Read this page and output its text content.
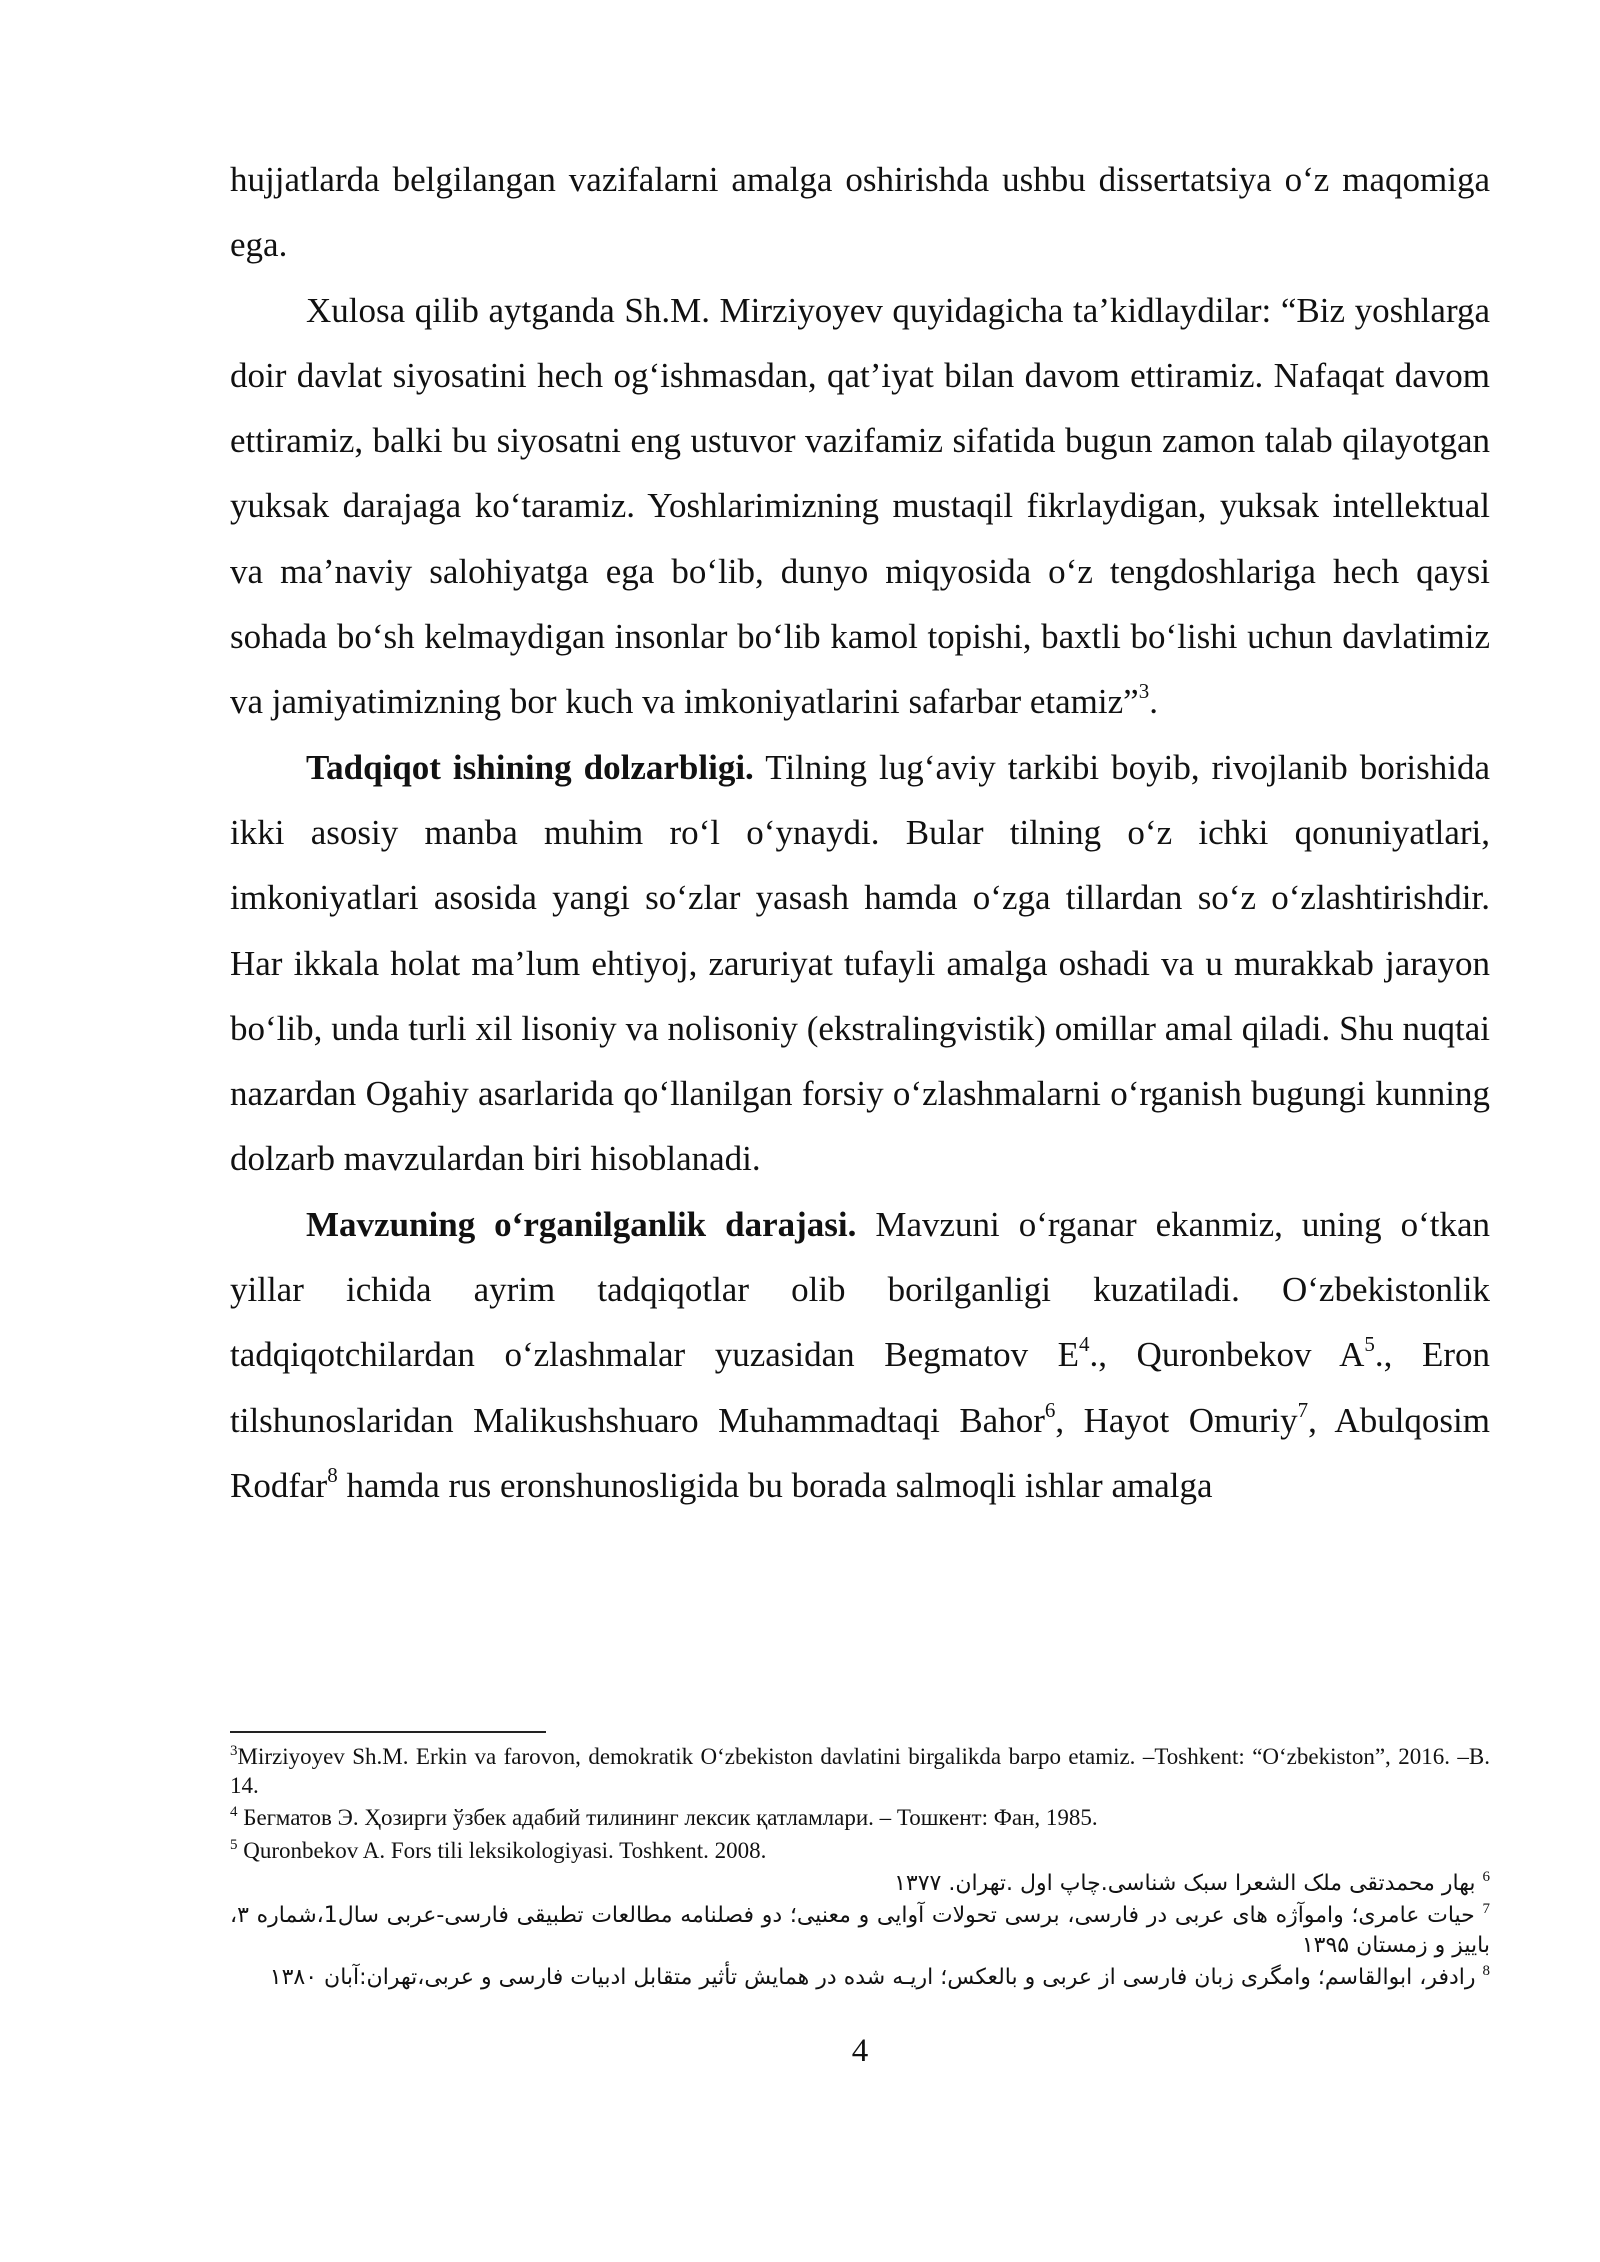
hujjatlarda belgilangan vazifalarni amalga oshirishda ushbu dissertatsiya o‘z maqomiga ega.

Xulosa qilib aytganda Sh.M. Mirziyoyev quyidagicha ta’kidlaydilar: “Biz yoshlarga doir davlat siyosatini hech og‘ishmasdan, qat’iyat bilan davom ettiramiz. Nafaqat davom ettiramiz, balki bu siyosatni eng ustuvor vazifamiz sifatida bugun zamon talab qilayotgan yuksak darajaga ko‘taramiz. Yoshlarimizning mustaqil fikrlaydigan, yuksak intellektual va ma’naviy salohiyatga ega bo‘lib, dunyo miqyosida o‘z tengdoshlariga hech qaysi sohada bo‘sh kelmaydigan insonlar bo‘lib kamol topishi, baxtli bo‘lishi uchun davlatimiz va jamiyatimizning bor kuch va imkoniyatlarini safarbar etamiz”$^3$.

Tadqiqot ishining dolzarbligi. Tilning lug‘aviy tarkibi boyib, rivojlanib borishida ikki asosiy manba muhim ro‘l o‘ynaydi. Bular tilning o‘z ichki qonuniyatlari, imkoniyatlari asosida yangi so‘zlar yasash hamda o‘zga tillardan so‘z o‘zlashtirishdir. Har ikkala holat ma’lum ehtiyoj, zaruriyat tufayli amalga oshadi va u murakkab jarayon bo‘lib, unda turli xil lisoniy va nolisoniy (ekstralingvistik) omillar amal qiladi. Shu nuqtai nazardan Ogahiy asarlarida qo‘llanilgan forsiy o‘zlashmalarni o‘rganish bugungi kunning dolzarb mavzulardan biri hisoblanadi.

Mavzuning o‘rganilganlik darajasi. Mavzuni o‘rganar ekanmiz, uning o‘tkan yillar ichida ayrim tadqiqotlar olib borilganligi kuzatiladi. O‘zbekistonlik tadqiqotchilardan o‘zlashmalar yuzasidan Begmatov $E^4$., Quronbekov $A^5$., Eron tilshunoslaridan Malikushshuaro Muhammadtaqi Bahor$^6$, Hayot Omuriy$^7$, Abulqosim Rodfar$^8$ hamda rus eronshunosligida bu borada salmoqli ishlar amalga

$^3$Mirziyoyev Sh.M. Erkin va farovon, demokratik O‘zbekiston davlatini birgalikda barpo etamiz. –Toshkent: “O‘zbekiston”, 2016. –B. 14.

$^4$ Бегматов Э. Ҳозирги ўзбек адабий тилининг лексик қатламлари. – Тошкент: Фан, 1985.

$^5$ Quronbekov A. Fors tili leksikologiyasi. Toshkent. 2008.

$^6$ بهار محمدتقی ملک الشعرا سبک شناسی.چاپ اول .تهران. ۱۳۷۷

$^7$ حیات عامری؛ واموآژه های عربی در فارسی، برسی تحولات آوایی و معنیی؛ دو فصلنامه مطالعات تطبیقی فارسی-عربی سال1،شماره ۳، باییز و زمستان ۱۳۹۵

$^8$ رادفر، ابوالقاسم؛ وامگری زبان فارسی از عربی و بالعکس؛ اریـه شده در همایش تأثیر متقابل ادبیات فارسی و عربی،تهران:آبان ۱۳۸۰

4
